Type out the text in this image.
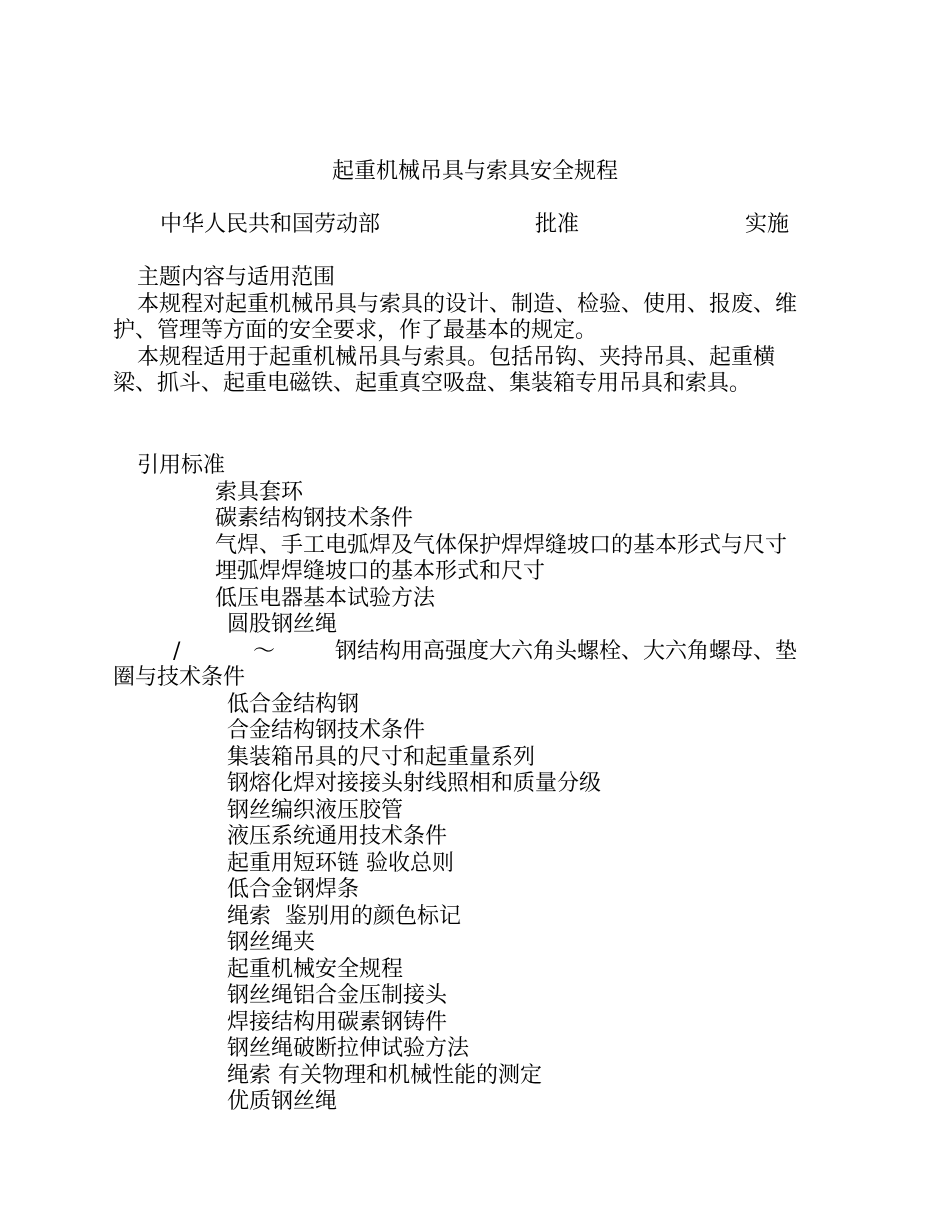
起重机械吊具与索具安全规程
中华人民共和国劳动部	批准	实施
主题内容与适用范围
本规程对起重机械吊具与索具的设计、制造、检验、使用、报废、维
护、管理等方面的安全要求，作了最基本的规定。
本规程适用于起重机械吊具与索具。包括吊钩、夹持吊具、起重横
梁、抓斗、起重电磁铁、起重真空吸盘、集装箱专用吊具和索具。
引用标准
索具套环
碳素结构钢技术条件
气焊、手工电弧焊及气体保护焊焊缝坡口的基本形式与尺寸
埋弧焊焊缝坡口的基本形式和尺寸
低压电器基本试验方法
圆股钢丝绳
/	～	钢结构用高强度大六角头螺栓、大六角螺母、垫
圈与技术条件
低合金结构钢
合金结构钢技术条件
集装箱吊具的尺寸和起重量系列
钢熔化焊对接接头射线照相和质量分级
钢丝编织液压胶管
液压系统通用技术条件
起重用短环链 验收总则
低合金钢焊条
绳索  鉴别用的颜色标记
钢丝绳夹
起重机械安全规程
钢丝绳铝合金压制接头
焊接结构用碳素钢铸件
钢丝绳破断拉伸试验方法
绳索 有关物理和机械性能的测定
优质钢丝绳
